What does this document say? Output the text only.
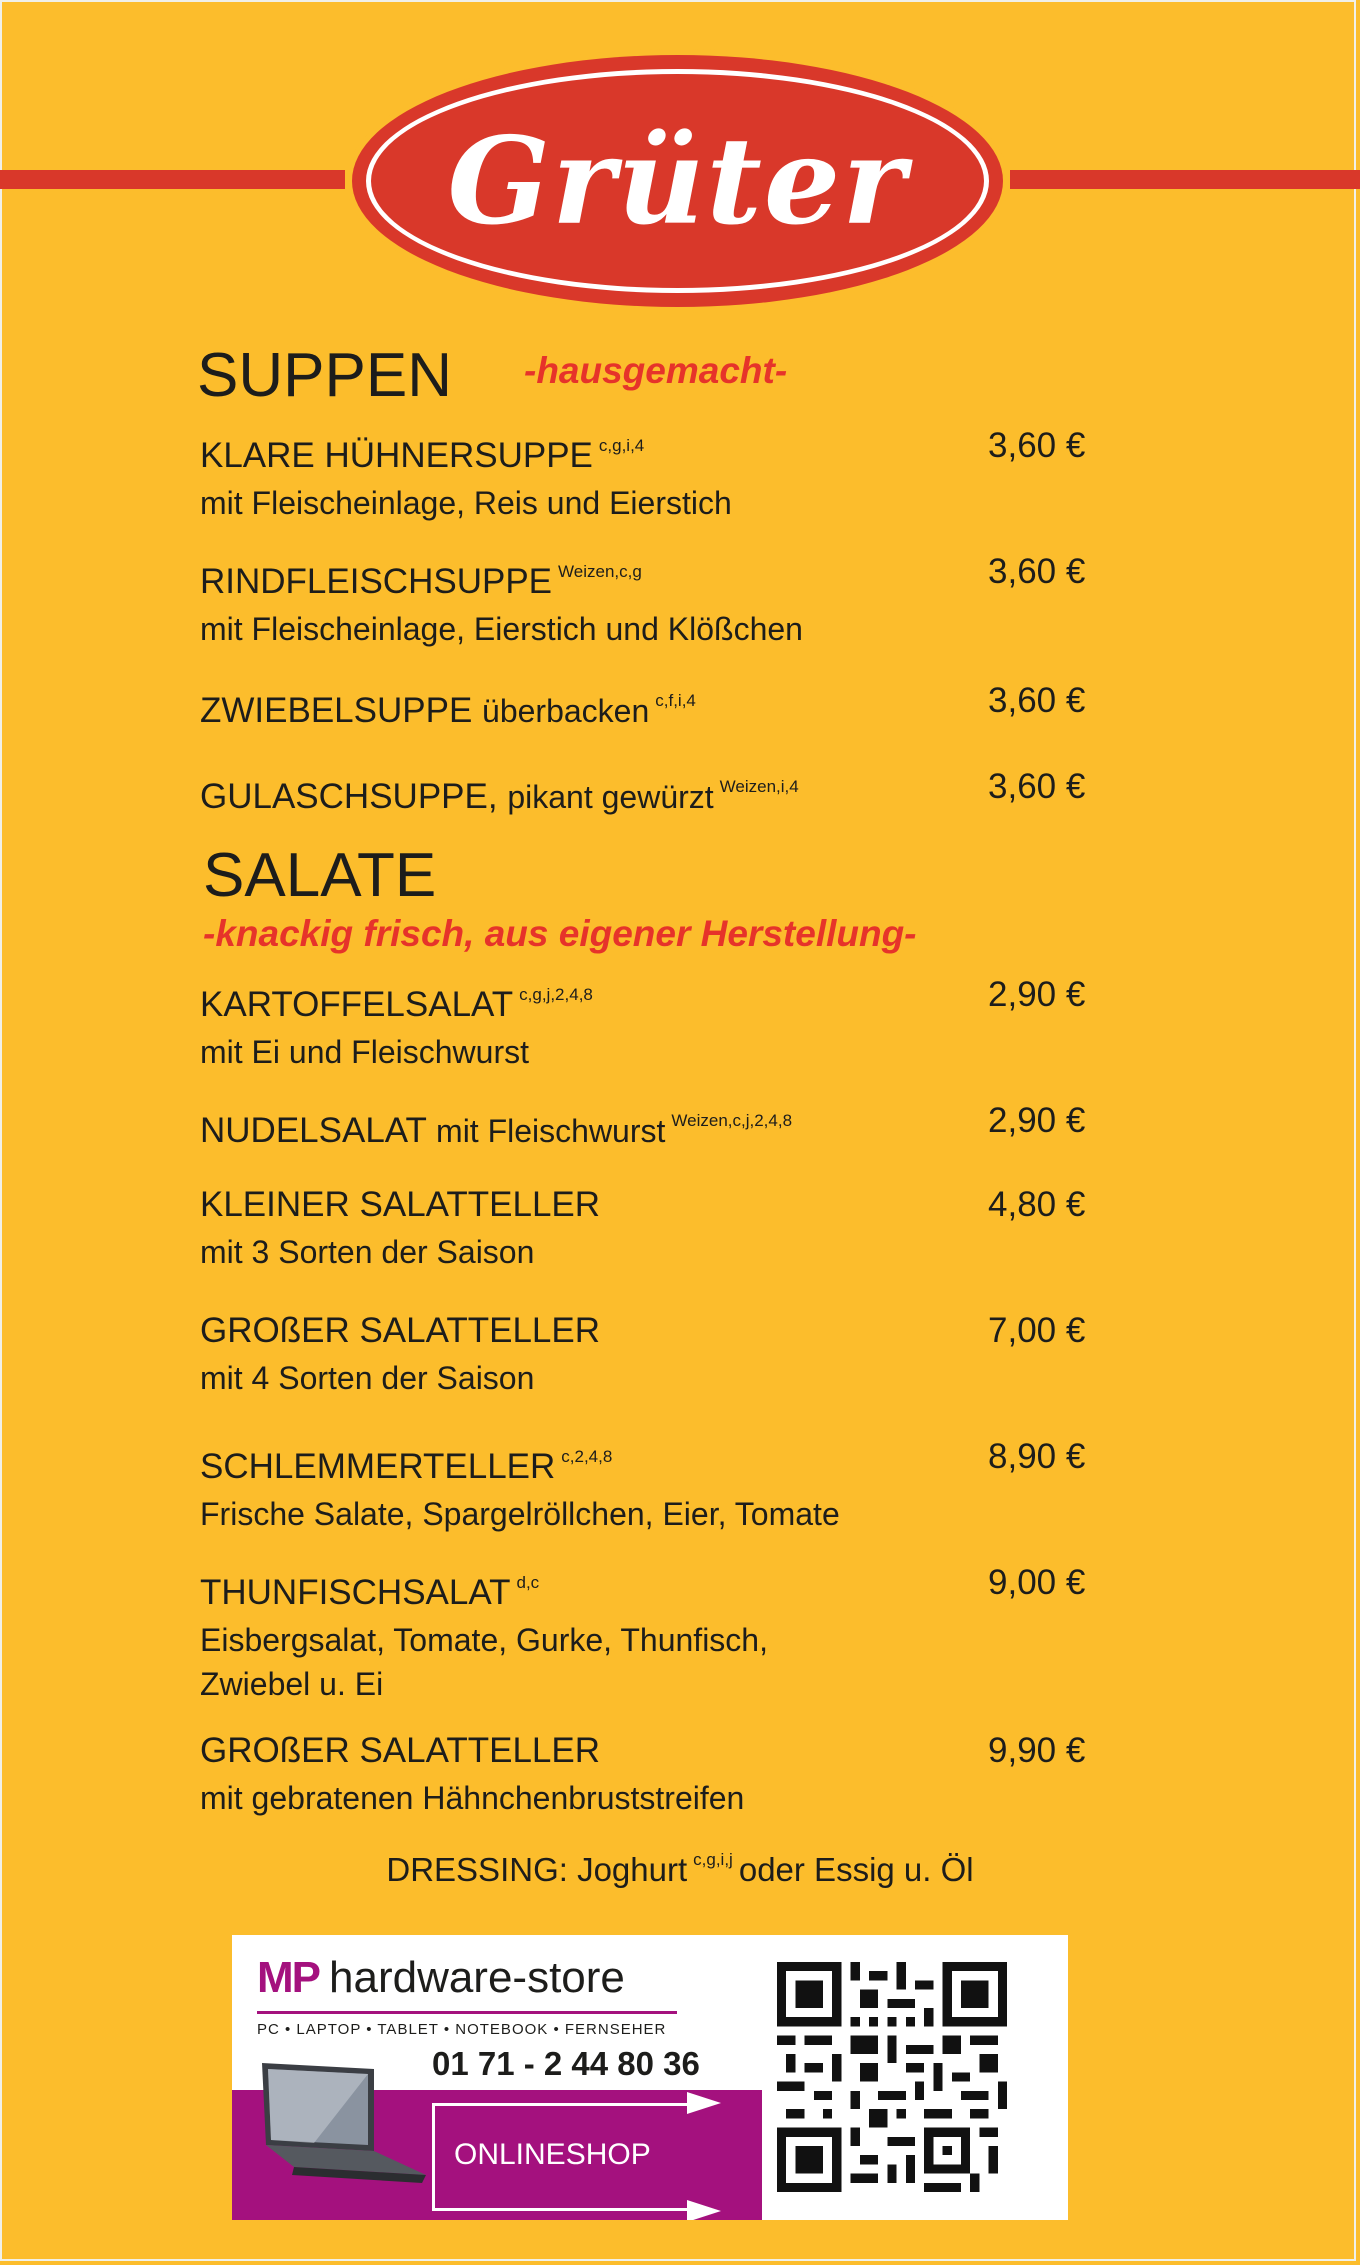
Grüter
SUPPEN -hausgemacht-
KLARE HÜHNERSUPPE $^{c,g,i,4}$
mit Fleischeinlage, Reis und Eierstich
3,60 €
RINDFLEISCHSUPPE $^{Weizen,c,g}$
mit Fleischeinlage, Eierstich und Klößchen
3,60 €
ZWIEBELSUPPE überbacken $^{c,f,i,4}$	3,60 €
GULASCHSUPPE, pikant gewürzt $^{Weizen,i,4}$	3,60 €
SALATE
-knackig frisch, aus eigener Herstellung-
KARTOFFELSALAT $^{c,g,j,2,4,8}$
mit Ei und Fleischwurst
2,90 €
NUDELSALAT mit Fleischwurst $^{Weizen,c,j,2,4,8}$	2,90 €
KLEINER SALATTELLER
mit 3 Sorten der Saison
4,80 €
GROßER SALATTELLER
mit 4 Sorten der Saison
7,00 €
SCHLEMMERTELLER $^{c,2,4,8}$
Frische Salate, Spargelröllchen, Eier, Tomate
8,90 €
THUNFISCHSALAT $^{d,c}$
Eisbergsalat, Tomate, Gurke, Thunfisch,
Zwiebel u. Ei
9,00 €
GROßER SALATTELLER
mit gebratenen Hähnchenbruststreifen
9,90 €
DRESSING: Joghurt $^{c,g,i,j}$ oder Essig u. Öl
MP hardware-store
PC • LAPTOP • TABLET • NOTEBOOK • FERNSEHER
01 71 - 2 44 80 36
ONLINESHOP
